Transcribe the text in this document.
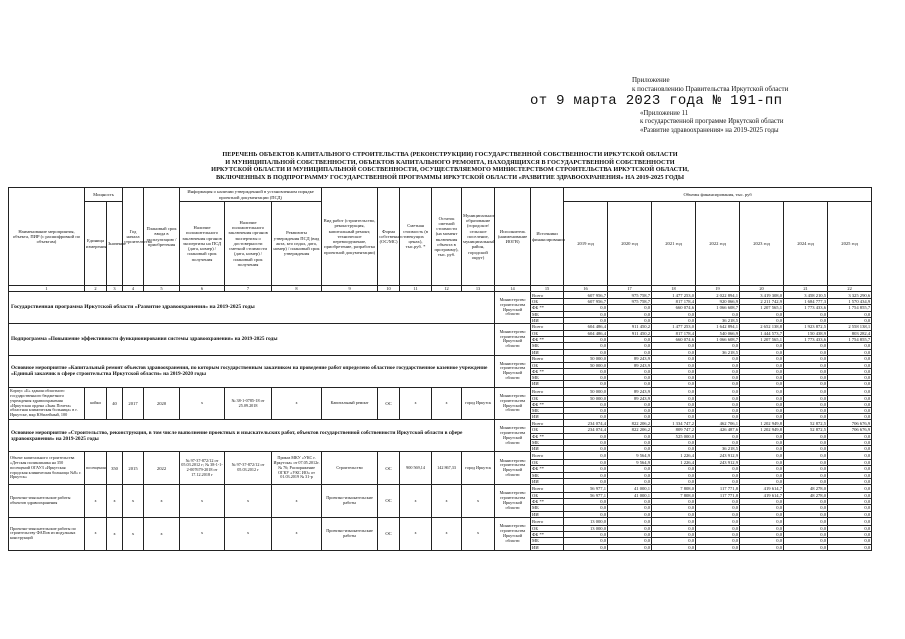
Приложение
к постановлению Правительства Иркутской области
от 9 марта 2023 года № 191-пп
«Приложение 11
к государственной программе Иркутской области
«Развитие здравоохранения» на 2019-2025 годы
ПЕРЕЧЕНЬ ОБЪЕКТОВ КАПИТАЛЬНОГО СТРОИТЕЛЬСТВА (РЕКОНСТРУКЦИИ) ГОСУДАРСТВЕННОЙ СОБСТВЕННОСТИ ИРКУТСКОЙ ОБЛАСТИ
И МУНИЦИПАЛЬНОЙ СОБСТВЕННОСТИ, ОБЪЕКТОВ КАПИТАЛЬНОГО РЕМОНТА, НАХОДЯЩИХСЯ В ГОСУДАРСТВЕННОЙ СОБСТВЕННОСТИ
ИРКУТСКОЙ ОБЛАСТИ И МУНИЦИПАЛЬНОЙ СОБСТВЕННОСТИ, ОСУЩЕСТВЛЯЕМОГО МИНИСТЕРСТВОМ СТРОИТЕЛЬСТВА ИРКУТСКОЙ ОБЛАСТИ,
ВКЛЮЧЕННЫХ В ПОДПРОГРАММУ ГОСУДАРСТВЕННОЙ ПРОГРАММЫ ИРКУТСКОЙ ОБЛАСТИ «РАЗВИТИЕ ЗДРАВООХРАНЕНИЯ» НА 2019-2025 ГОДЫ
Наименование мероприятия, объекта, ПИР (с расшифровкой по объектам)	Мощность		Год начала строительства	Плановый срок ввода в эксплуатацию / приобретения	Информация о наличии утвержденной в установленном порядке проектной документации (ПСД)			Вид работ (строительство, реконструкция, капитальный ремонт, техническое перевооружение, приобретение, разработка проектной документации)	Форма собственности (ОС/МС)	Сметная стоимость (в текущих ценах), тыс.руб. *	Остаток сметной стоимости (на момент включения объекта в программу), тыс. руб.	Муниципальное образование (городское/сельское поселение, муниципальный район, городской округ)	Исполнитель (наименование ИОГВ)	Источники финансирования	Объемы финансирования, тыс. руб						
	Единица измерения	Значение			Наличие положительного заключения органов экспертизы на ПСД (дата, номер) / плановый срок получения	Наличие положительного заключения органов экспертизы о достоверности сметной стоимости (дата, номер) / плановый срок получения	Реквизиты утверждения ПСД (вид акта, кто издал, дата, номер) / плановый срок утверждения								2019 год	2020 год	2021 год	2022 год	2023 год	2024 год	2025 год
1	2	3	4	5	6	7	8	9	10	11	12	13	14	15	16	17	18	19	20	21	22
Государственная программа Иркутской области «Развитие здравоохранения» на 2019-2025 годы													Министерство строительства Иркутской области	Всего	607 956,7	975 758,7	1 477 253,0	2 022 894,1	3 419 308,0	3 458 210,5	3 325 290,6
														ОБ	607 956,7	975 758,7	817 178,4	920 066,9	2 211 742,9	1 684 777,3	1 570 434,9
														ФБ **	0,0	0,0	660 074,6	1 066 608,7	1 207 565,1	1 773 433,6	1 754 855,7
														МБ	0,0	0,0	0,0	0,0	0,0	0,0	0,0
														ИИ	0,0	0,0	0,0	36 218,5	0,0	0,0	0,0
Подпрограмма «Повышение эффективности функционирования системы здравоохранения» на 2019-2025 годы													Министерство строительства Иркутской области	Всего	604 486,4	911 450,2	1 477 253,0	1 642 894,1	2 652 138,8	1 923 872,5	2 558 138,1
														ОБ	604 486,4	911 450,2	817 178,4	540 066,9	1 444 573,7	150 438,9	803 282,4
														ФБ **	0,0	0,0	660 074,6	1 066 608,7	1 207 565,1	1 773 433,6	1 754 855,7
														МБ	0,0	0,0	0,0	0,0	0,0	0,0	0,0
														ИИ	0,0	0,0	0,0	36 218,5	0,0	0,0	0,0
Основное мероприятие «Капитальный ремонт объектов здравоохранения, по которым государственным заказчиком на проведение работ определено областное государственное казенное учреждение «Единый заказчик в сфере строительства Иркутской области» на 2019-2020 годы													Министерство строительства Иркутской области	Всего	50 000,0	89 243,9	0,0	0,0	0,0	0,0	0,0
														ОБ	50 000,0	89 243,9	0,0	0,0	0,0	0,0	0,0
														ФБ **	0,0	0,0	0,0	0,0	0,0	0,0	0,0
														МБ	0,0	0,0	0,0	0,0	0,0	0,0	0,0
														ИИ	0,0	0,0	0,0	0,0	0,0	0,0	0,0
Корпус «Б» здания областного государственного бюджетного учреждения здравоохранения «Иркутская ордена «Знак Почета» областная клиническая больница» в г. Иркутске, мкр Юбилейный, 100	койки	40	2017	2020	x	№ 38-1-0785-18 от 25.09.2018	x	Капитальный ремонт	ОС	x	x	город Иркутск	Министерство строительства Иркутской области	Всего	50 000,0	89 243,9	0,0	0,0	0,0	0,0	0,0
														ОБ	50 000,0	89 243,9	0,0	0,0	0,0	0,0	0,0
														ФБ **	0,0	0,0	0,0	0,0	0,0	0,0	0,0
														МБ	0,0	0,0	0,0	0,0	0,0	0,0	0,0
														ИИ	0,0	0,0	0,0	0,0	0,0	0,0	0,0
Основное мероприятие «Строительство, реконструкция, в том числе выполнение проектных и изыскательских работ, объектов государственной собственности Иркутской области в сфере здравоохранения» на 2019-2025 годы													Министерство строительства Иркутской области	Всего	234 074,4	822 206,2	1 334 747,2	462 706,1	1 202 949,8	52 872,5	706 676,9
														ОБ	234 074,4	822 206,2	809 747,2	426 487,6	1 202 949,8	52 872,5	706 676,9
														ФБ **	0,0	0,0	525 000,0	0,0	0,0	0,0	0,0
														МБ	0,0	0,0	0,0	0,0	0,0	0,0	0,0
														ИИ	0,0	0,0	0,0	36 218,5	0,0	0,0	0,0
Объект капитального строительства «Детская поликлиника на 350 посещений ОГАУЗ «Иркутская городская клиническая больница №8» г. Иркутск»	посещения	350	2015	2022	№ 97-37-872/12 от 05.03.2012 г; № 38-1-1-2-007679-2018 от 17.12.2018 г	№ 97-37-872/12 от 05.03.2012 г	Приказ МКУ «УКС г. Иркутска» от 07.05.2012г. № 76; Распоряжение ОГКУ «УКС ИО» от 01.03.2019 № 31-р	Строительство	ОС	900 569,14	142 867,33	город Иркутск	Министерство строительства Иркутской области	Всего	0,0	9 564,9	1 226,4	243 912,9	0,0	0,0	0,0
														ОБ	0,0	9 564,9	1 226,4	243 912,9	0,0	0,0	0,0
														ФБ **	0,0	0,0	0,0	0,0	0,0	0,0	0,0
														МБ	0,0	0,0	0,0	0,0	0,0	0,0	0,0
														ИИ	0,0	0,0	0,0	0,0	0,0	0,0	0,0
Проектно-изыскательские работы объектов здравоохранения	x	x	x	x	x	x	x	Проектно-изыскательские работы	ОС	x	x	x	Министерство строительства Иркутской области	Всего	56 977,1	41 000,1	7 808,0	117 771,8	419 614,7	48 278,0	0,0
														ОБ	56 977,1	41 000,1	7 808,0	117 771,8	419 614,7	48 278,0	0,0
														ФБ **	0,0	0,0	0,0	0,0	0,0	0,0	0,0
														МБ	0,0	0,0	0,0	0,0	0,0	0,0	0,0
														ИИ	0,0	0,0	0,0	0,0	0,0	0,0	0,0
Проектно-изыскательские работы по строительству ФАПов из модульных конструкций	x	x	x	x	x	x	x	Проектно-изыскательские работы	ОС	x	x	x	Министерство строительства Иркутской области	Всего	13 000,0	0,0	0,0	0,0	0,0	0,0	0,0
														ОБ	13 000,0	0,0	0,0	0,0	0,0	0,0	0,0
														ФБ **	0,0	0,0	0,0	0,0	0,0	0,0	0,0
														МБ	0,0	0,0	0,0	0,0	0,0	0,0	0,0
														ИИ	0,0	0,0	0,0	0,0	0,0	0,0	0,0
